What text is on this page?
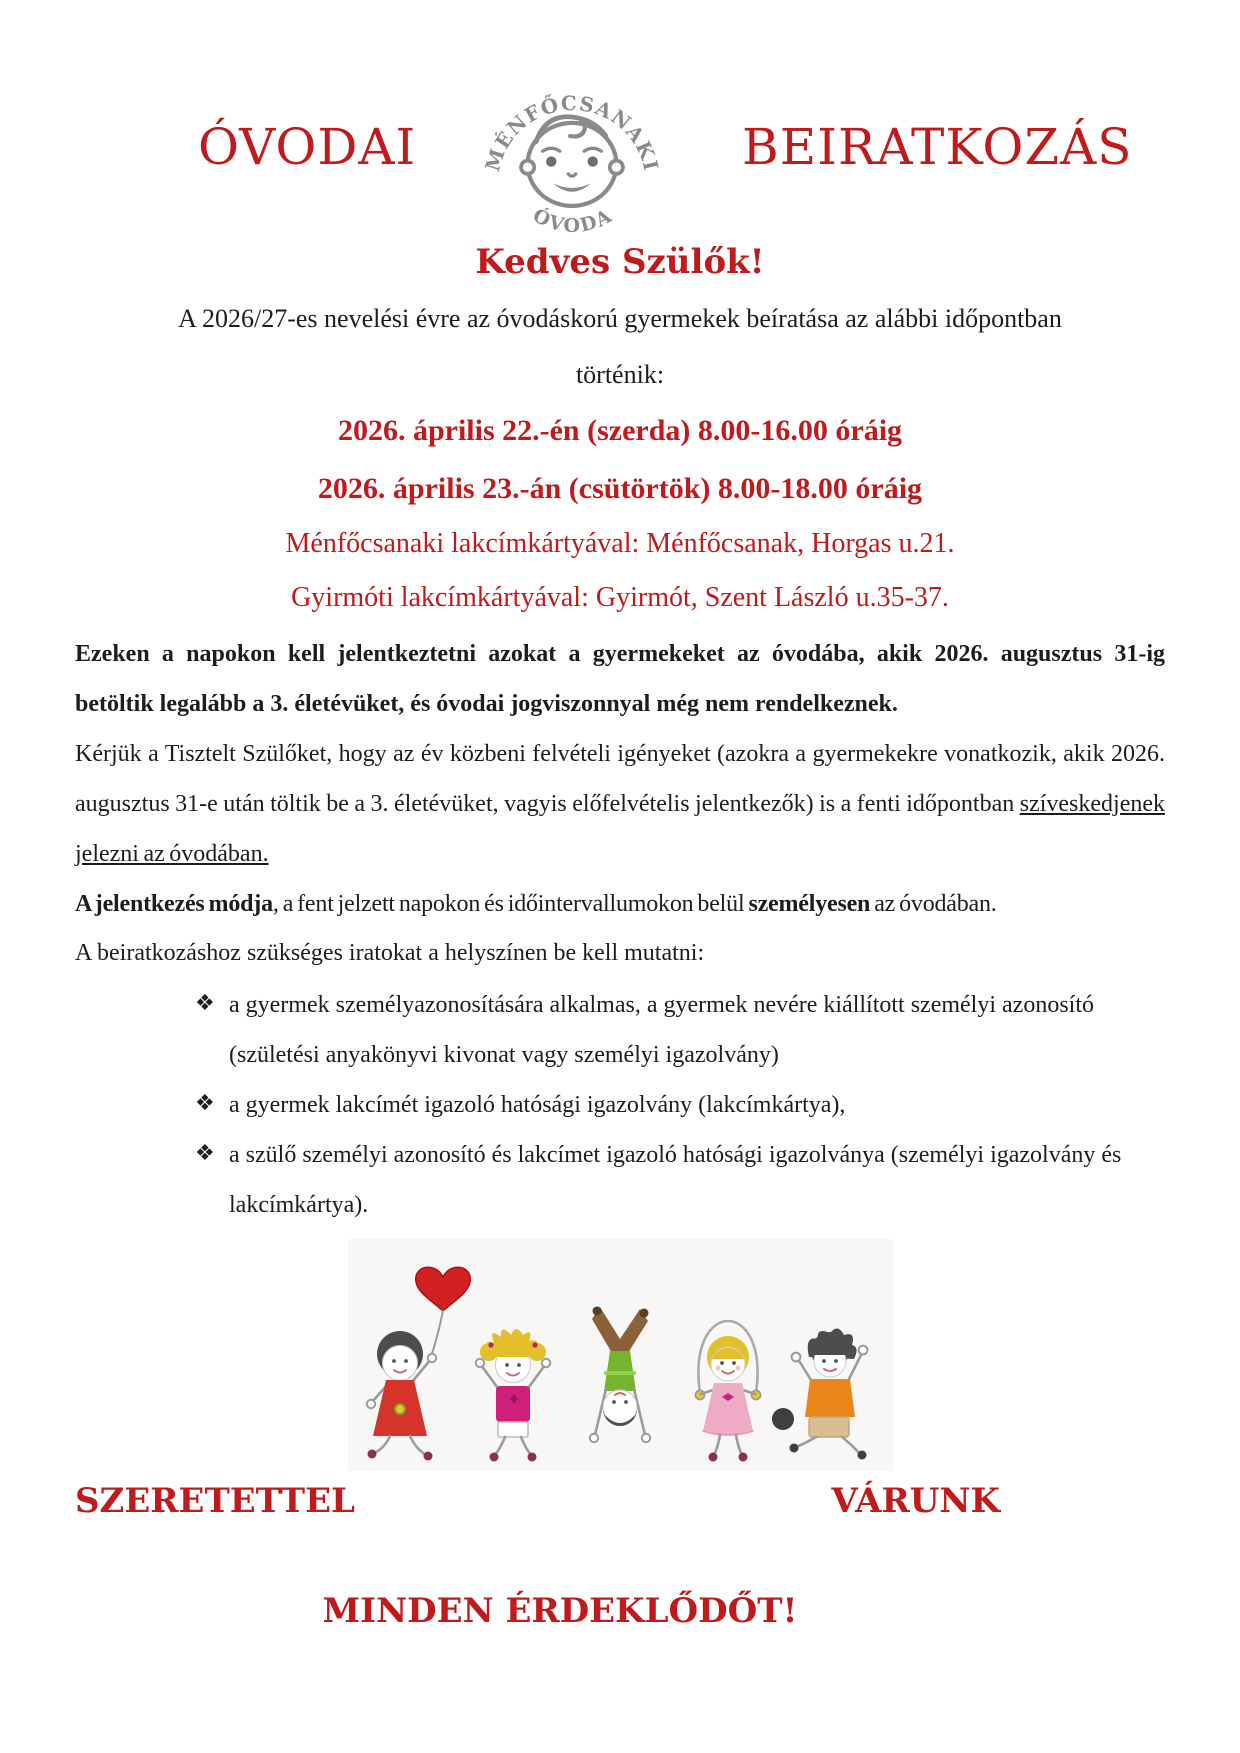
ÓVODAI	MÉNFŐCSANAKI
ÓVODA
BEIRATKOZÁS
Kedves Szülők!
A 2026/27-es nevelési évre az óvodáskorú gyermekek beíratása az alábbi időpontban
történik:
2026. április 22.-én (szerda) 8.00-16.00 óráig
2026. április 23.-án (csütörtök) 8.00-18.00 óráig
Ménfőcsanaki lakcímkártyával: Ménfőcsanak, Horgas u.21.
Gyirmóti lakcímkártyával: Gyirmót, Szent László u.35-37.

Ezeken a napokon kell jelentkeztetni azokat a gyermekeket az óvodába, akik 2026. augusztus 31-ig betöltik legalább a 3. életévüket, és óvodai jogviszonnyal még nem rendelkeznek.

Kérjük a Tisztelt Szülőket, hogy az év közbeni felvételi igényeket (azokra a gyermekekre vonatkozik, akik 2026. augusztus 31-e után töltik be a 3. életévüket, vagyis előfelvételis jelentkezők) is a fenti időpontban szíveskedjenek jelezni az óvodában.

A jelentkezés módja, a fent jelzett napokon és időintervallumokon belül személyesen az óvodában.

A beiratkozáshoz szükséges iratokat a helyszínen be kell mutatni:

❖ a gyermek személyazonosítására alkalmas, a gyermek nevére kiállított személyi azonosító (születési anyakönyvi kivonat vagy személyi igazolvány)
❖ a gyermek lakcímét igazoló hatósági igazolvány (lakcímkártya),
❖ a szülő személyi azonosító és lakcímet igazoló hatósági igazolványa (személyi igazolvány és lakcímkártya).
SZERETETTEL	VÁRUNK
MINDEN ÉRDEKLŐDŐT!
